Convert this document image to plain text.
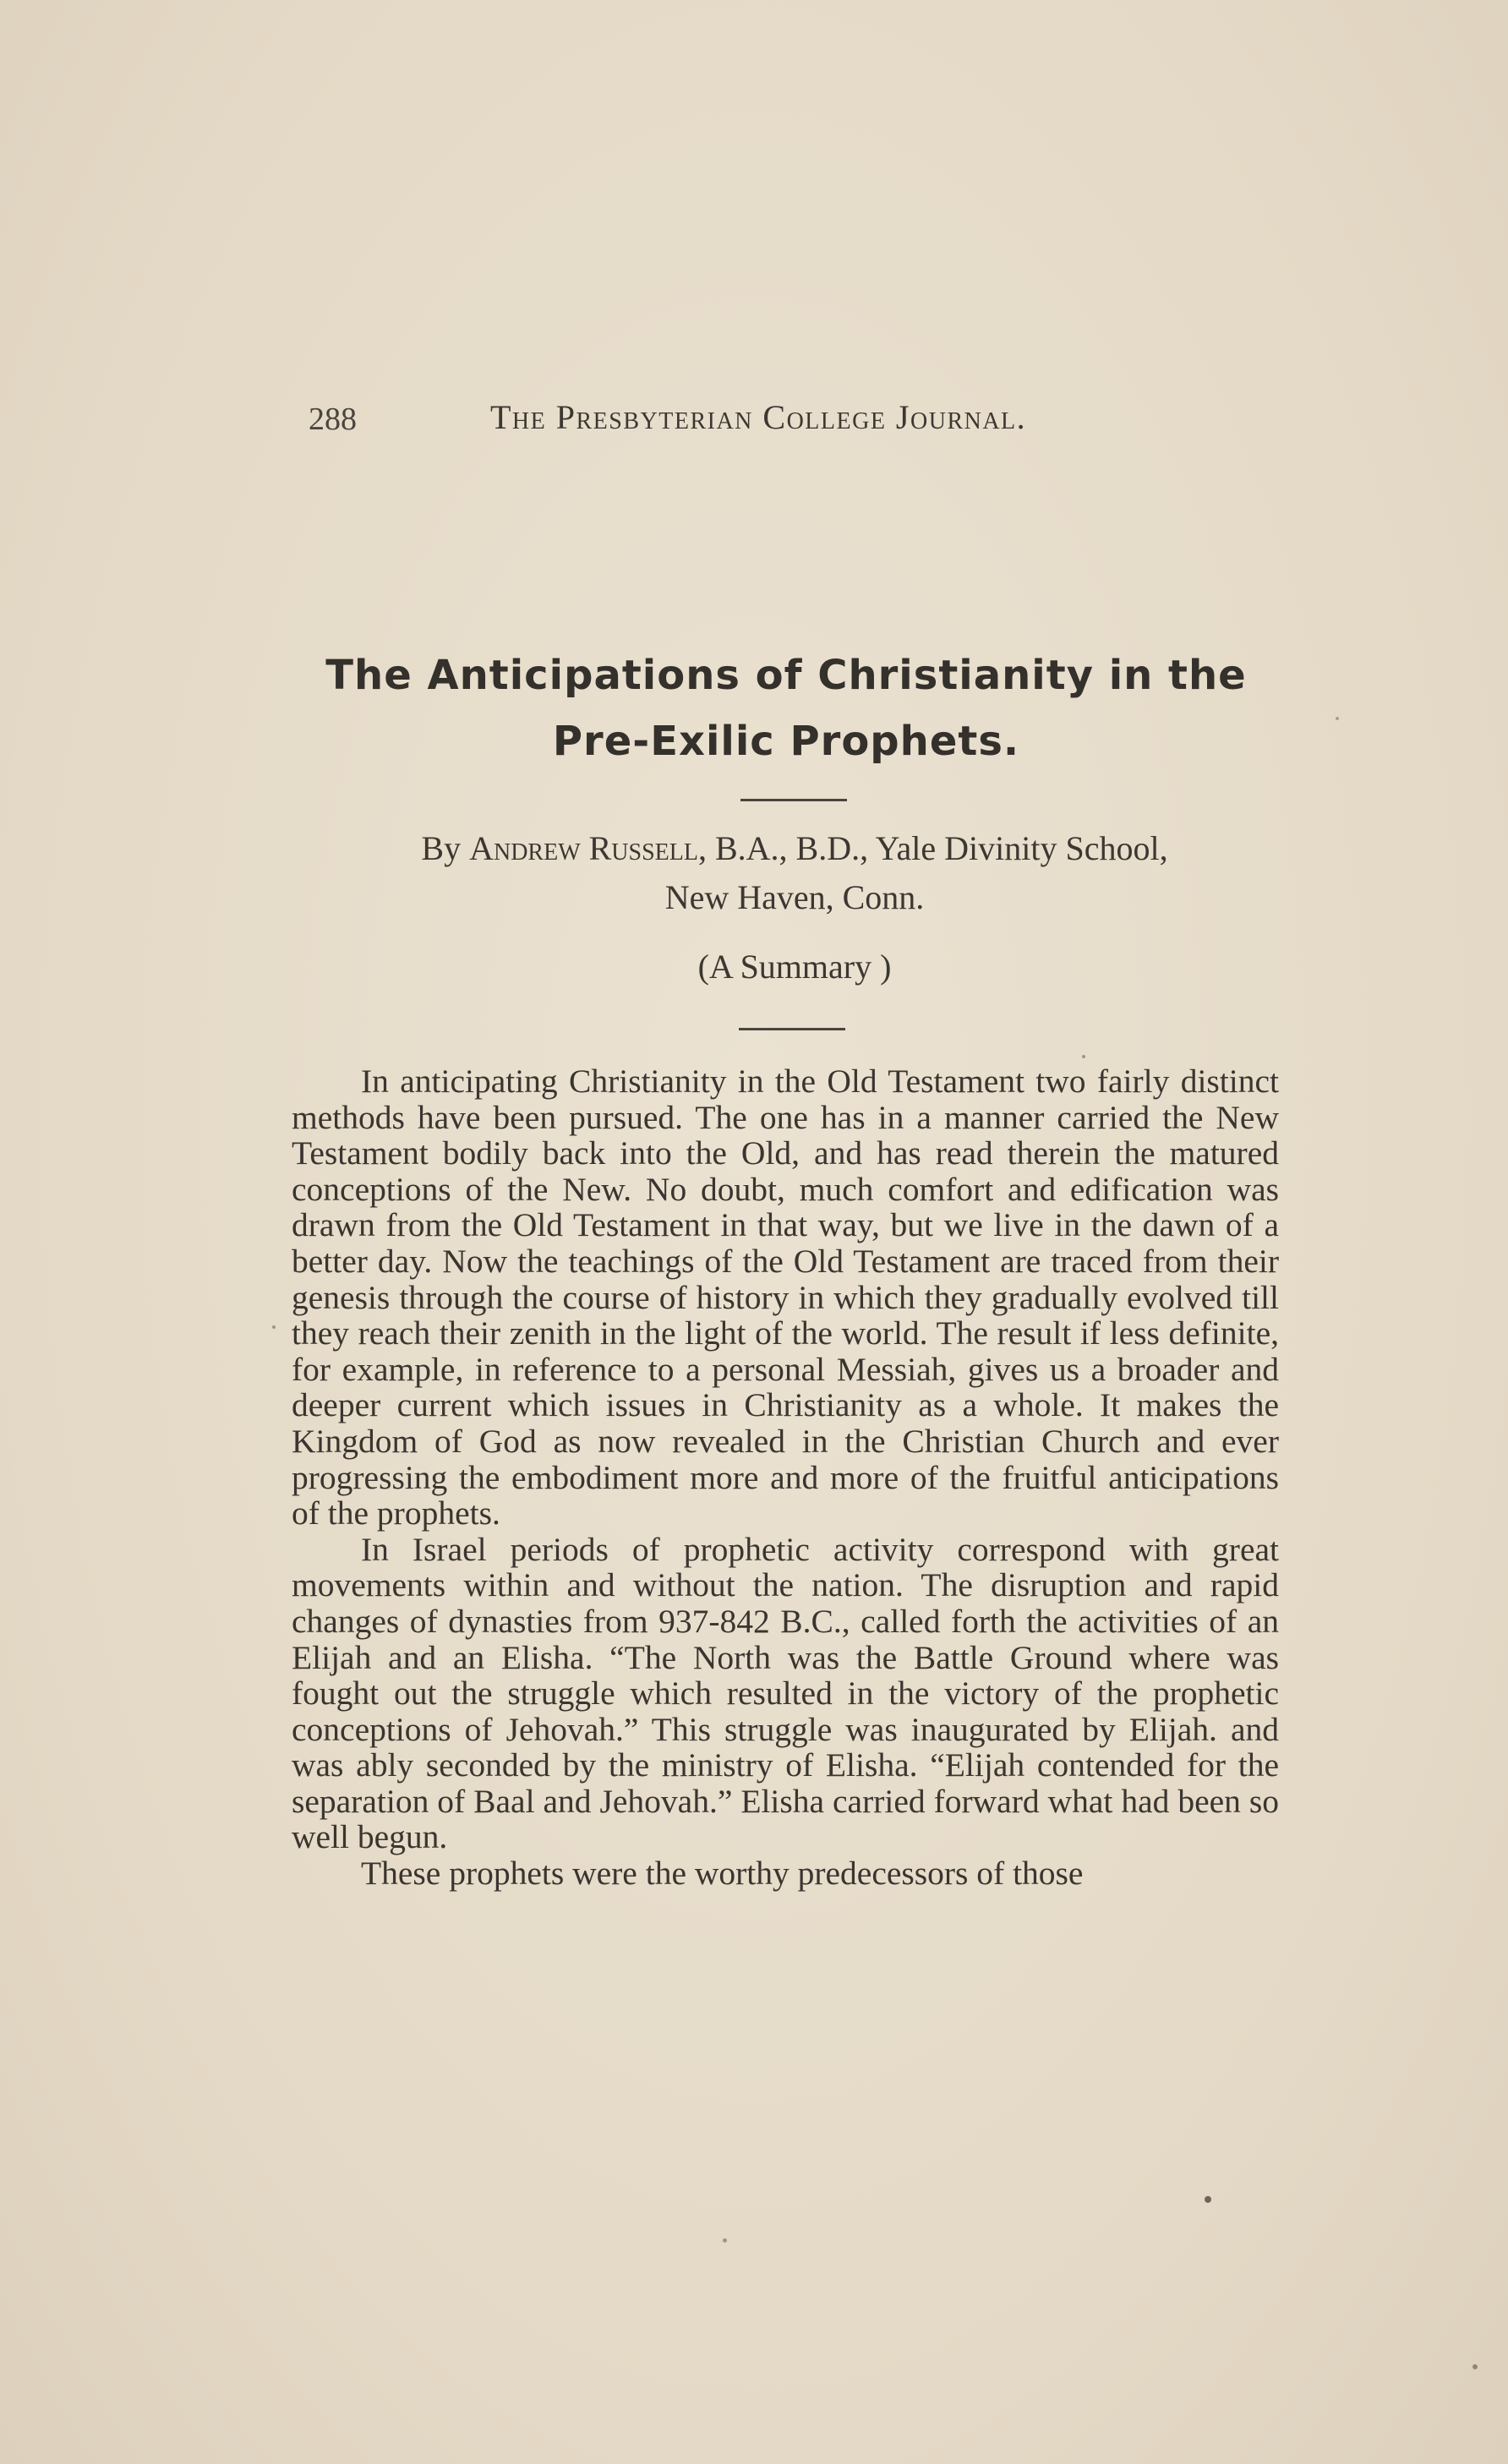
288	The Presbyterian College Journal.
The Anticipations of Christianity in the
Pre-Exilic Prophets.
By Andrew Russell, B.A., B.D., Yale Divinity School,
New Haven, Conn.
(A Summary )

In anticipating Christianity in the Old Testament two fairly distinct methods have been pursued. The one has in a manner carried the New Testament bodily back into the Old, and has read therein the matured conceptions of the New. No doubt, much comfort and edification was drawn from the Old Testament in that way, but we live in the dawn of a better day. Now the teachings of the Old Testament are traced from their genesis through the course of history in which they gradually evolved till they reach their zenith in the light of the world. The result if less definite, for example, in reference to a personal Messiah, gives us a broader and deeper current which issues in Christianity as a whole. It makes the Kingdom of God as now revealed in the Christian Church and ever progressing the embodiment more and more of the fruitful anticipations of the prophets.

In Israel periods of prophetic activity correspond with great movements within and without the nation. The disruption and rapid changes of dynasties from 937-842 B.C., called forth the activities of an Elijah and an Elisha. “The North was the Battle Ground where was fought out the struggle which resulted in the victory of the prophetic conceptions of Jehovah.” This struggle was inaugurated by Elijah. and was ably seconded by the ministry of Elisha. “Elijah contended for the separation of Baal and Jehovah.” Elisha carried forward what had been so well begun.

These prophets were the worthy predecessors of those
